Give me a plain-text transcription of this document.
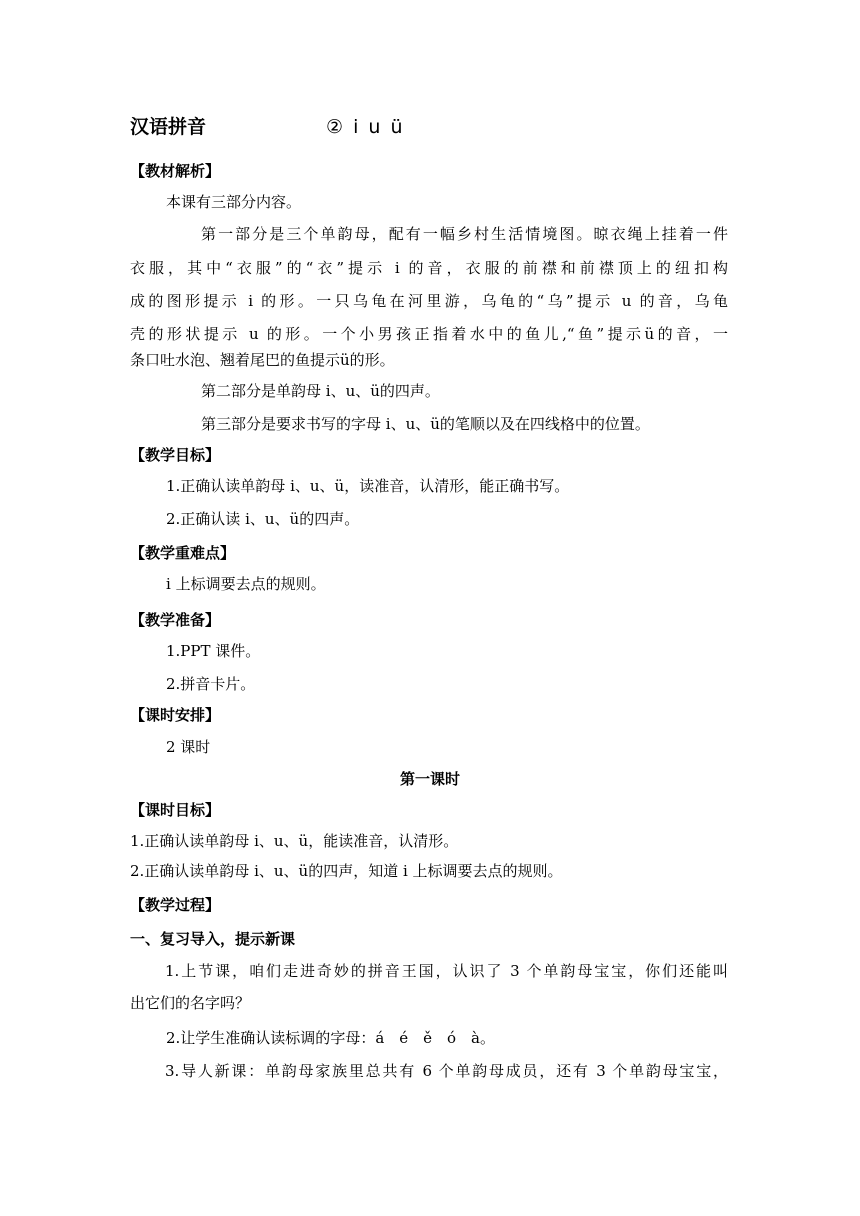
汉语拼音	② i u ü
【教材解析】
本课有三部分内容。
第一部分是三个单韵母，配有一幅乡村生活情境图。晾衣绳上挂着一件
衣服，其中“衣服”的“衣”提示 i 的音，衣服的前襟和前襟顶上的纽扣构
成的图形提示 i 的形。一只乌龟在河里游，乌龟的“乌”提示 u 的音，乌龟
壳的形状提示 u 的形。一个小男孩正指着水中的鱼儿,“鱼”提示ü的音，一
条口吐水泡、翘着尾巴的鱼提示ü的形。
第二部分是单韵母 i、u、ü的四声。
第三部分是要求书写的字母 i、u、ü的笔顺以及在四线格中的位置。
【教学目标】
1.正确认读单韵母 i、u、ü，读准音，认清形，能正确书写。
2.正确认读 i、u、ü的四声。
【教学重难点】
i 上标调要去点的规则。
【教学准备】
1.PPT 课件。
2.拼音卡片。
【课时安排】
2 课时
第一课时
【课时目标】
1.正确认读单韵母 i、u、ü，能读准音，认清形。
2.正确认读单韵母 i、u、ü的四声，知道 i 上标调要去点的规则。
【教学过程】
一、复习导入，提示新课
1.上节课，咱们走进奇妙的拼音王国，认识了 3 个单韵母宝宝，你们还能叫
出它们的名字吗？
2.让学生准确认读标调的字母：á　é　ě　ó　à。
3.导人新课：单韵母家族里总共有 6 个单韵母成员，还有 3 个单韵母宝宝，
